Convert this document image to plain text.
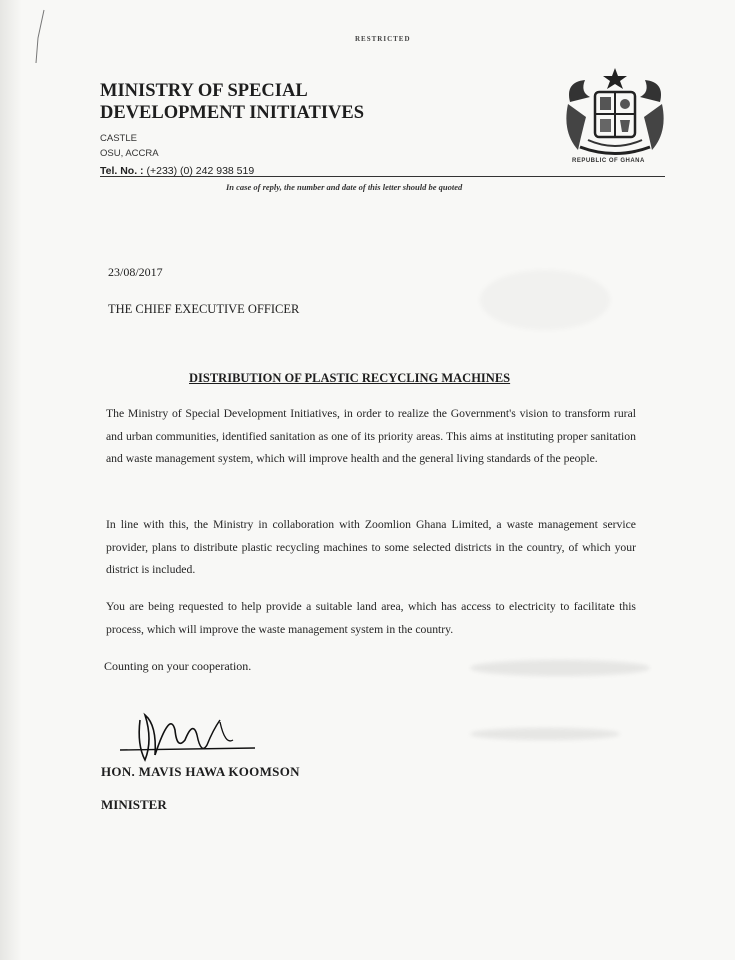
RESTRICTED
MINISTRY OF SPECIAL DEVELOPMENT INITIATIVES
CASTLE
OSU, ACCRA
Tel. No. : (+233) (0) 242 938 519
REPUBLIC OF GHANA
In case of reply, the number and date of this letter should be quoted
23/08/2017
THE CHIEF EXECUTIVE OFFICER
DISTRIBUTION OF PLASTIC RECYCLING MACHINES
The Ministry of Special Development Initiatives, in order to realize the Government's vision to transform rural and urban communities, identified sanitation as one of its priority areas. This aims at instituting proper sanitation and waste management system, which will improve health and the general living standards of the people.
In line with this, the Ministry in collaboration with Zoomlion Ghana Limited, a waste management service provider, plans to distribute plastic recycling machines to some selected districts in the country, of which your district is included.
You are being requested to help provide a suitable land area, which has access to electricity to facilitate this process, which will improve the waste management system in the country.
Counting on your cooperation.
HON. MAVIS HAWA KOOMSON
MINISTER
